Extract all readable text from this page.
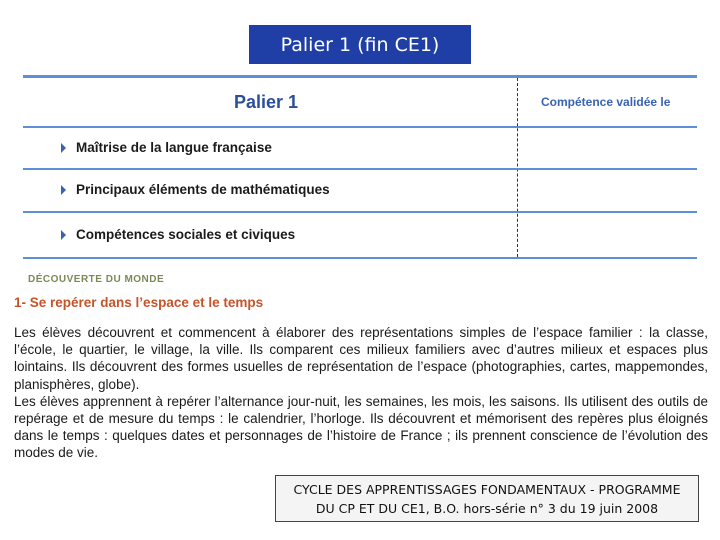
Palier 1 (fin CE1)
Palier 1	Compétence validée le
Maîtrise de la langue française
Principaux éléments de mathématiques
Compétences sociales et civiques
DÉCOUVERTE DU MONDE
1- Se repérer dans l’espace et le temps

Les élèves découvrent et commencent à élaborer des représentations simples de l’espace familier : la classe, l’école, le quartier, le village, la ville. Ils comparent ces milieux familiers avec d’autres milieux et espaces plus lointains. Ils découvrent des formes usuelles de représentation de l’espace (photographies, cartes, mappemondes, planisphères, globe).

Les élèves apprennent à repérer l’alternance jour-nuit, les semaines, les mois, les saisons. Ils utilisent des outils de repérage et de mesure du temps : le calendrier, l’horloge. Ils découvrent et mémorisent des repères plus éloignés dans le temps : quelques dates et personnages de l’histoire de France ; ils prennent conscience de l’évolution des modes de vie.

CYCLE DES APPRENTISSAGES FONDAMENTAUX - PROGRAMME
DU CP ET DU CE1, B.O. hors-série n° 3 du 19 juin 2008
